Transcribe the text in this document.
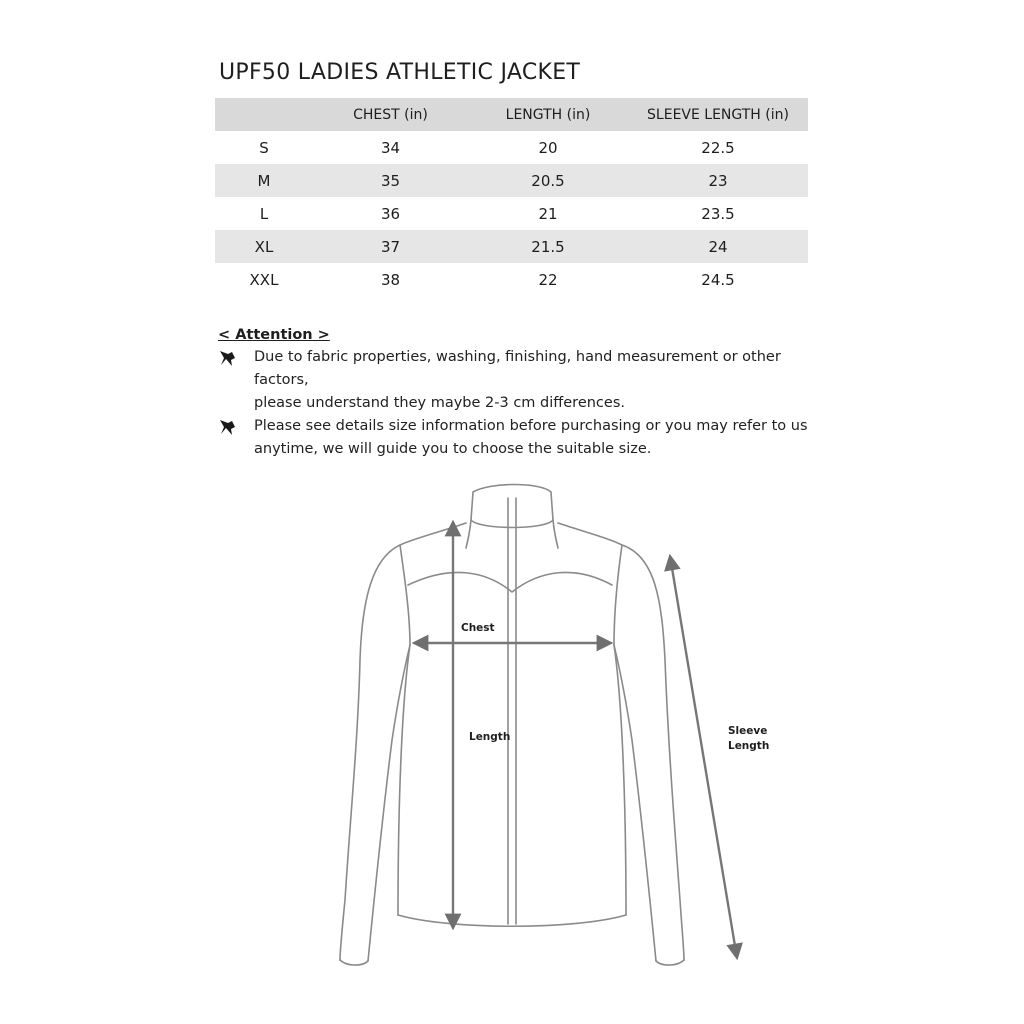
UPF50 LADIES ATHLETIC JACKET
	CHEST (in)	LENGTH (in)	SLEEVE LENGTH (in)
S	34	20	22.5
M	35	20.5	23
L	36	21	23.5
XL	37	21.5	24
XXL	38	22	24.5

< Attention >

Due to fabric properties, washing, finishing, hand measurement or other factors,
please understand they maybe 2-3 cm differences.

Please see details size information before purchasing or you may refer to us
anytime, we will guide you to choose the suitable size.

Chest
Length	Sleeve
Length
